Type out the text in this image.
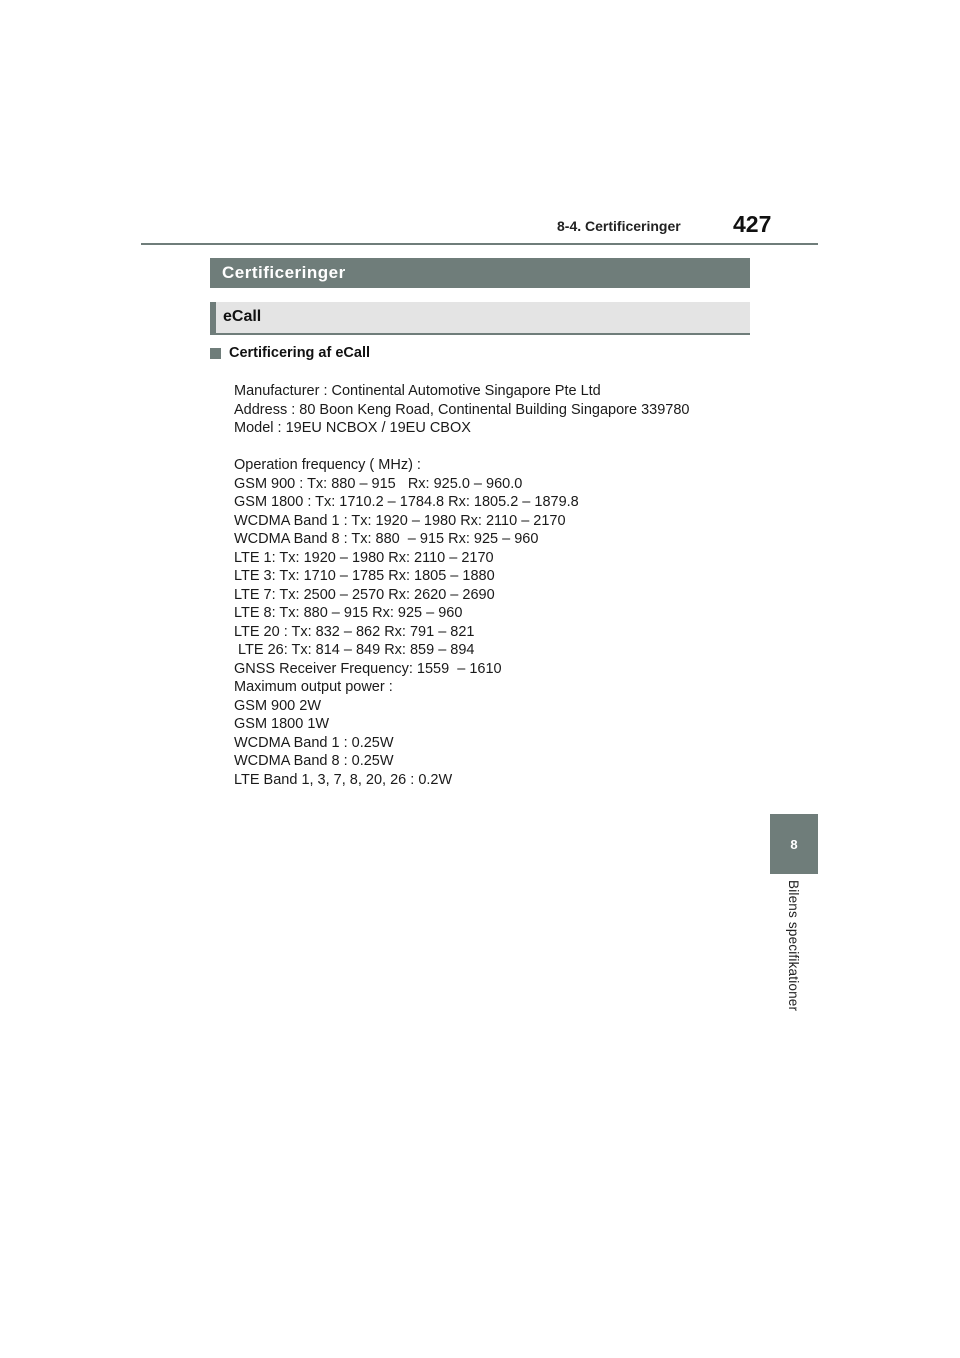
8-4. Certificeringer 427
Certificeringer
eCall
Certificering af eCall
Manufacturer : Continental Automotive Singapore Pte Ltd
Address : 80 Boon Keng Road, Continental Building Singapore 339780
Model : 19EU NCBOX / 19EU CBOX
Operation frequency ( MHz) :
GSM 900 : Tx: 880 – 915   Rx: 925.0 – 960.0
GSM 1800 : Tx: 1710.2 – 1784.8 Rx: 1805.2 – 1879.8
WCDMA Band 1 : Tx: 1920 – 1980 Rx: 2110 – 2170
WCDMA Band 8 : Tx: 880  – 915 Rx: 925 – 960
LTE 1: Tx: 1920 – 1980 Rx: 2110 – 2170
LTE 3: Tx: 1710 – 1785 Rx: 1805 – 1880
LTE 7: Tx: 2500 – 2570 Rx: 2620 – 2690
LTE 8: Tx: 880 – 915 Rx: 925 – 960
LTE 20 : Tx: 832 – 862 Rx: 791 – 821
LTE 26: Tx: 814 – 849 Rx: 859 – 894
GNSS Receiver Frequency: 1559  – 1610
Maximum output power :
GSM 900 2W
GSM 1800 1W
WCDMA Band 1 : 0.25W
WCDMA Band 8 : 0.25W
LTE Band 1, 3, 7, 8, 20, 26 : 0.2W
8
Bilens specifikationer
